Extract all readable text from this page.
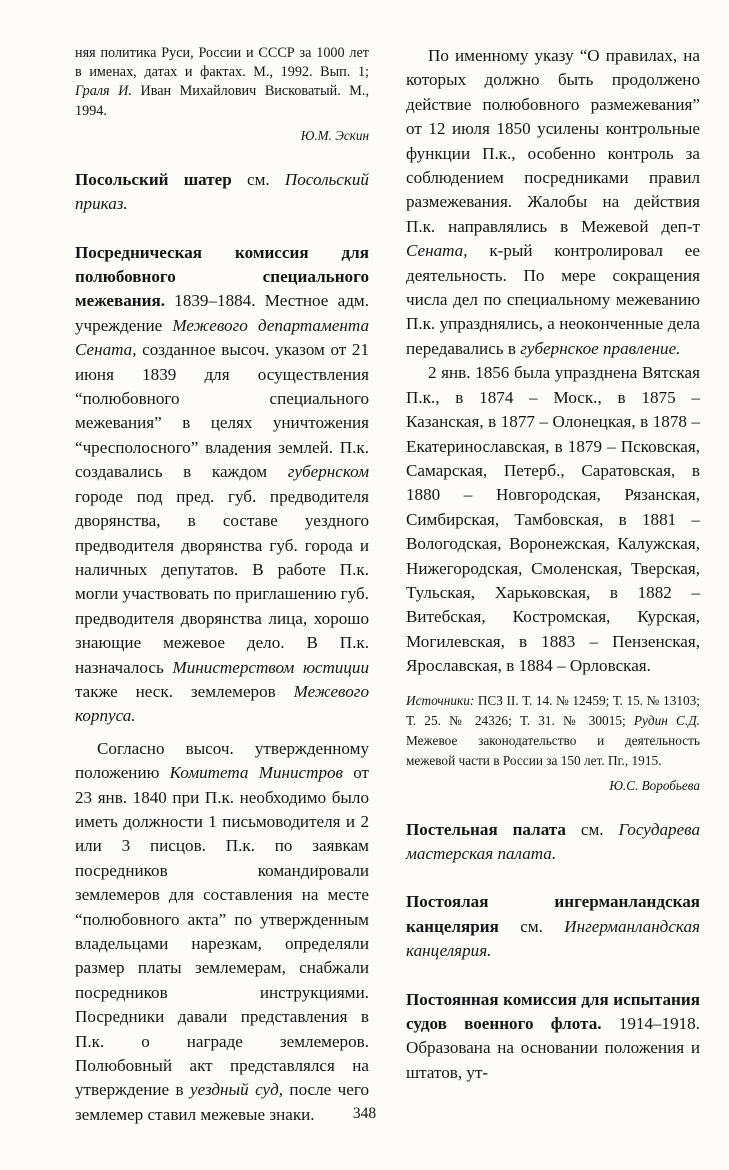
няя политика Руси, России и СССР за 1000 лет в именах, датах и фактах. М., 1992. Вып. 1; Граля И. Иван Михайлович Висковатый. М., 1994.

Ю.М. Эскин

Посольский шатер см. Посольский приказ.

Посредническая комиссия для полюбовного специального межевания. 1839–1884. Местное адм. учреждение Межевого департамента Сената, созданное высоч. указом от 21 июня 1839 для осуществления “полюбовного специального межевания” в целях уничтожения “чресполосного” владения землей. П.к. создавались в каждом губернском городе под пред. губ. предводителя дворянства, в составе уездного предводителя дворянства губ. города и наличных депутатов. В работе П.к. могли участвовать по приглашению губ. предводителя дворянства лица, хорошо знающие межевое дело. В П.к. назначалось Министерством юстиции также неск. землемеров Межевого корпуса.

Согласно высоч. утвержденному положению Комитета Министров от 23 янв. 1840 при П.к. необходимо было иметь должности 1 письмоводителя и 2 или 3 писцов. П.к. по заявкам посредников командировали землемеров для составления на месте “полюбовного акта” по утвержденным владельцами нарезкам, определяли размер платы землемерам, снабжали посредников инструкциями. Посредники давали представления в П.к. о награде землемеров. Полюбовный акт представлялся на утверждение в уездный суд, после чего землемер ставил межевые знаки.

По именному указу “О правилах, на которых должно быть продолжено действие полюбовного размежевания” от 12 июля 1850 усилены контрольные функции П.к., особенно контроль за соблюдением посредниками правил размежевания. Жалобы на действия П.к. направлялись в Межевой деп-т Сената, к-рый контролировал ее деятельность. По мере сокращения числа дел по специальному межеванию П.к. упразднялись, а неоконченные дела передавались в губернское правление.

2 янв. 1856 была упразднена Вятская П.к., в 1874 – Моск., в 1875 – Казанская, в 1877 – Олонецкая, в 1878 – Екатеринославская, в 1879 – Псковская, Самарская, Петерб., Саратовская, в 1880 – Новгородская, Рязанская, Симбирская, Тамбовская, в 1881 – Вологодская, Воронежская, Калужская, Нижегородская, Смоленская, Тверская, Тульская, Харьковская, в 1882 – Витебская, Костромская, Курская, Могилевская, в 1883 – Пензенская, Ярославская, в 1884 – Орловская.

Источники: ПСЗ II. Т. 14. № 12459; Т. 15. № 13103; Т. 25. № 24326; Т. 31. № 30015; Рудин С.Д. Межевое законодательство и деятельность межевой части в России за 150 лет. Пг., 1915.

Ю.С. Воробьева

Постельная палата см. Государева мастерская палата.

Постоялая ингерманландская канцелярия см. Ингерманландская канцелярия.

Постоянная комиссия для испытания судов военного флота. 1914–1918. Образована на основании положения и штатов, ут-

348
